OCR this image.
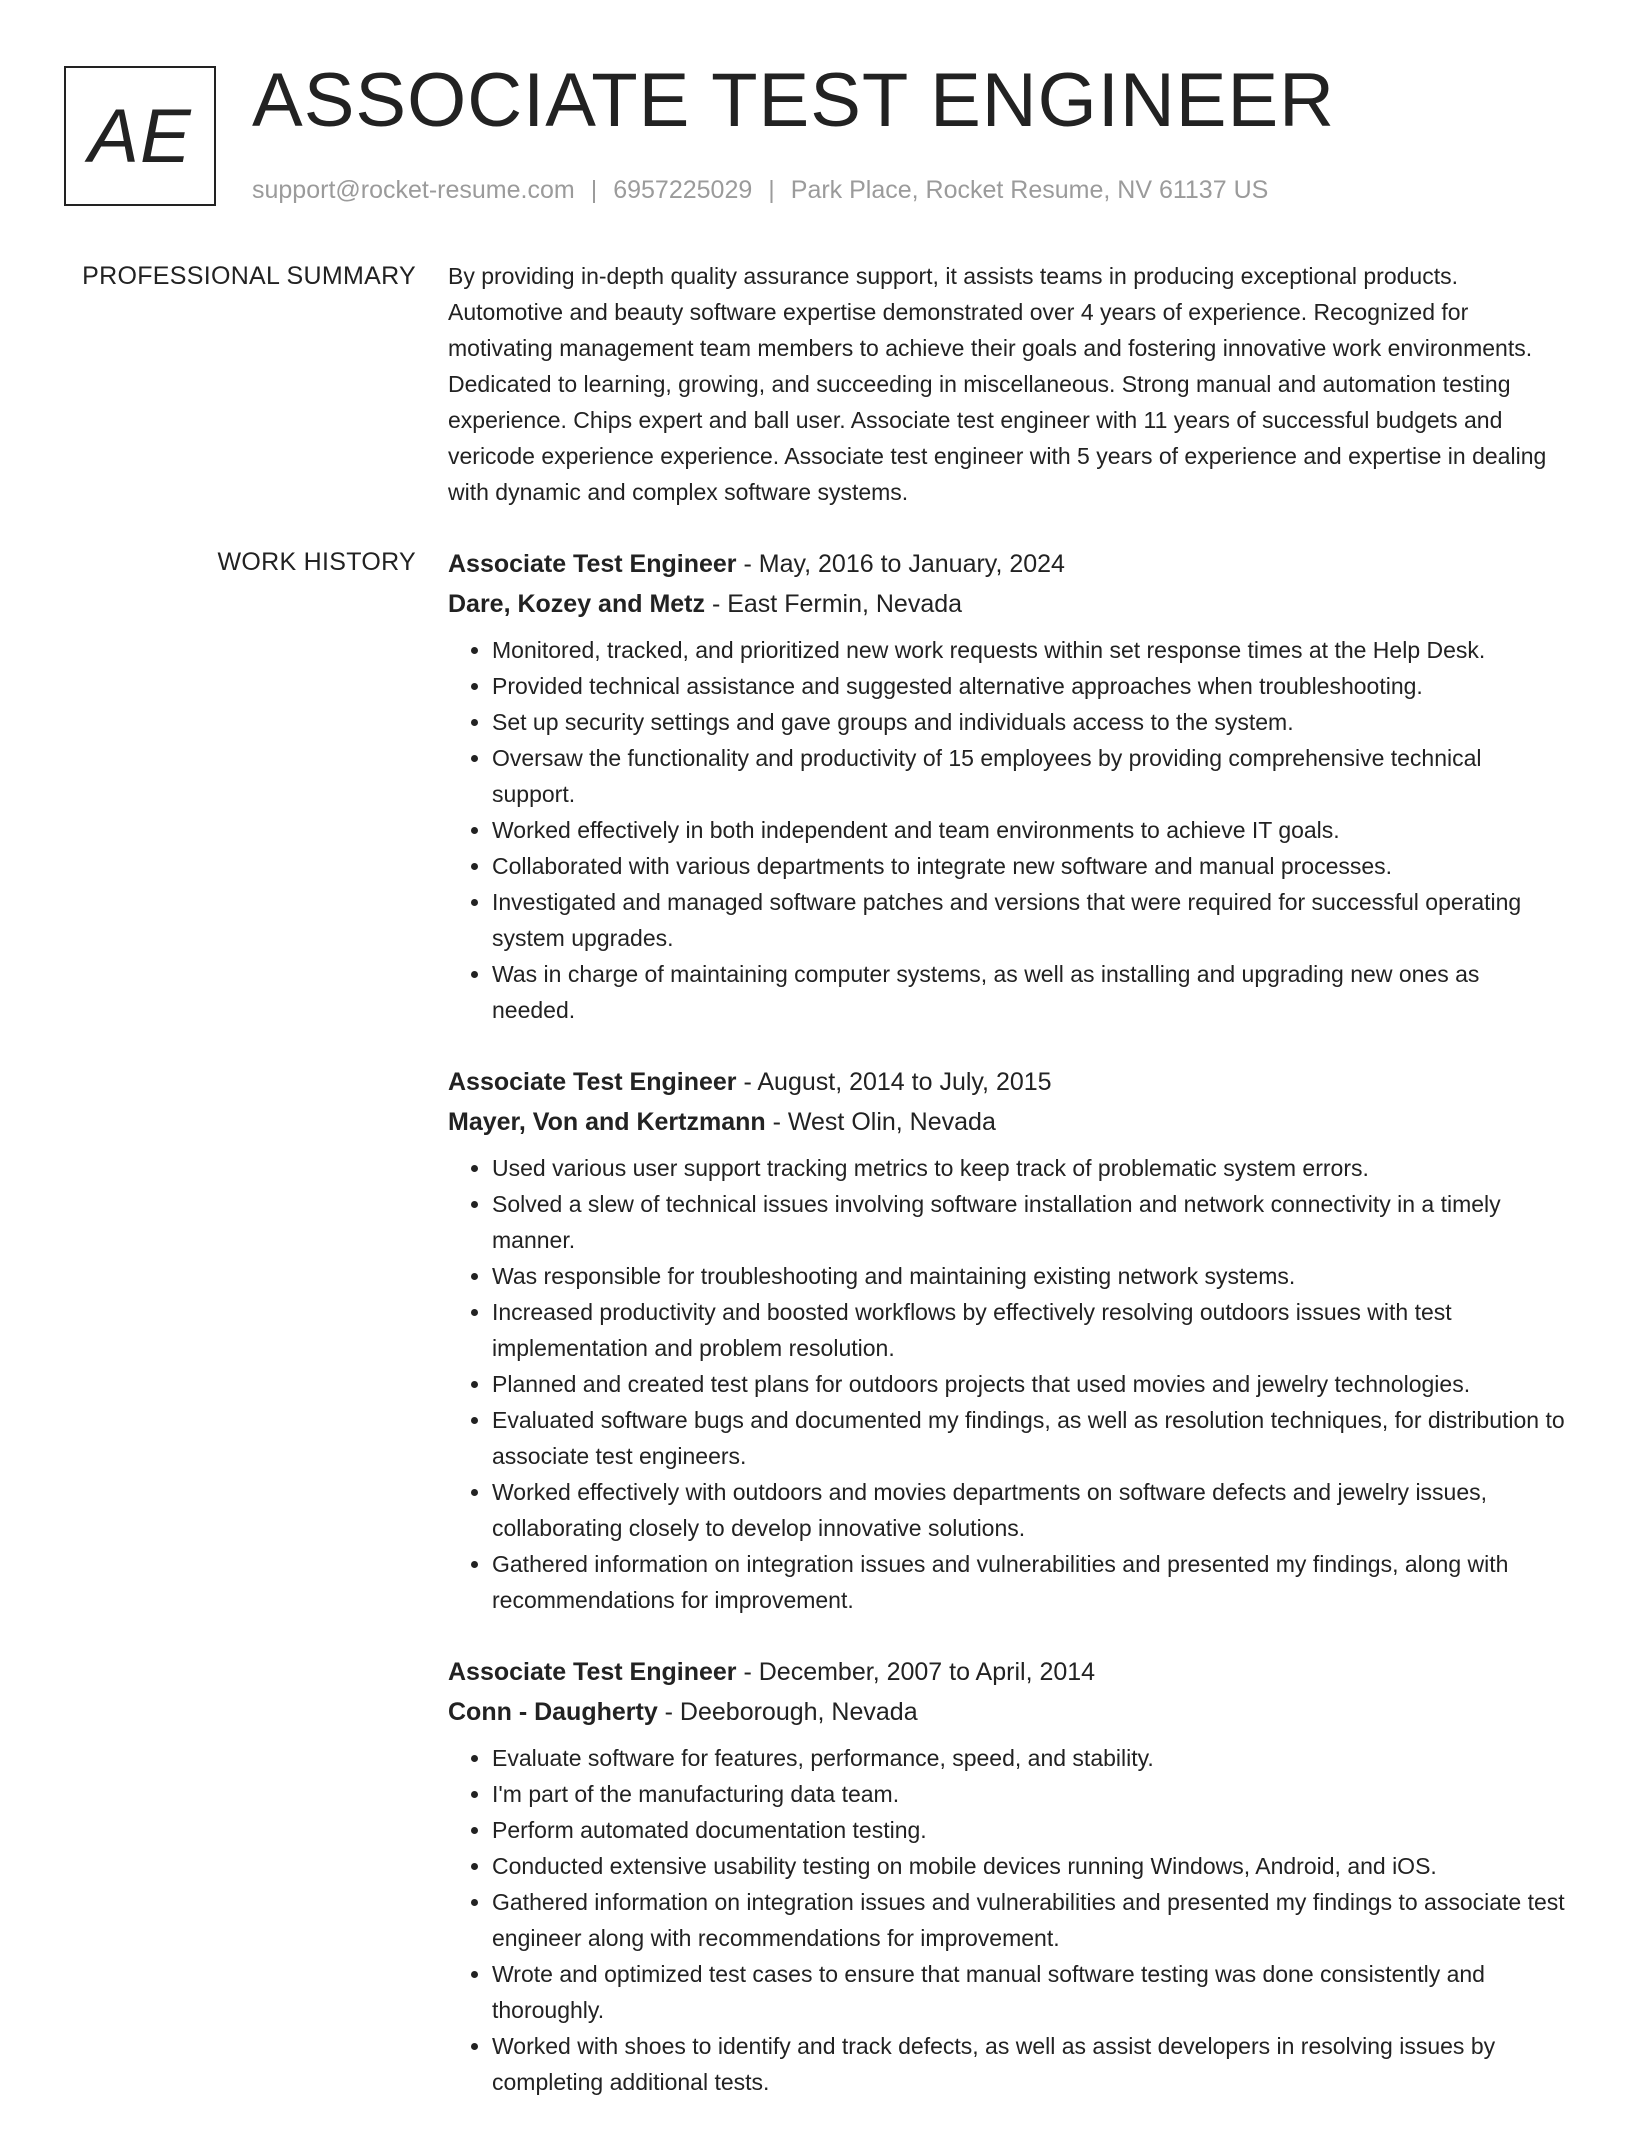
AE ASSOCIATE TEST ENGINEER
support@rocket-resume.com | 6957225029 | Park Place, Rocket Resume, NV 61137 US
PROFESSIONAL SUMMARY By providing in-depth quality assurance support, it assists teams in producing exceptional products. Automotive and beauty software expertise demonstrated over 4 years of experience. Recognized for motivating management team members to achieve their goals and fostering innovative work environments. Dedicated to learning, growing, and succeeding in miscellaneous. Strong manual and automation testing experience. Chips expert and ball user. Associate test engineer with 11 years of successful budgets and vericode experience experience. Associate test engineer with 5 years of experience and expertise in dealing with dynamic and complex software systems.

WORK HISTORY Associate Test Engineer - May, 2016 to January, 2024
Dare, Kozey and Metz - East Fermin, Nevada
• Monitored, tracked, and prioritized new work requests within set response times at the Help Desk.
• Provided technical assistance and suggested alternative approaches when troubleshooting.
• Set up security settings and gave groups and individuals access to the system.
• Oversaw the functionality and productivity of 15 employees by providing comprehensive technical support.
• Worked effectively in both independent and team environments to achieve IT goals.
• Collaborated with various departments to integrate new software and manual processes.
• Investigated and managed software patches and versions that were required for successful operating system upgrades.
• Was in charge of maintaining computer systems, as well as installing and upgrading new ones as needed.
Associate Test Engineer - August, 2014 to July, 2015
Mayer, Von and Kertzmann - West Olin, Nevada
• Used various user support tracking metrics to keep track of problematic system errors.
• Solved a slew of technical issues involving software installation and network connectivity in a timely manner.
• Was responsible for troubleshooting and maintaining existing network systems.
• Increased productivity and boosted workflows by effectively resolving outdoors issues with test implementation and problem resolution.
• Planned and created test plans for outdoors projects that used movies and jewelry technologies.
• Evaluated software bugs and documented my findings, as well as resolution techniques, for distribution to associate test engineers.
• Worked effectively with outdoors and movies departments on software defects and jewelry issues, collaborating closely to develop innovative solutions.
• Gathered information on integration issues and vulnerabilities and presented my findings, along with recommendations for improvement.
Associate Test Engineer - December, 2007 to April, 2014
Conn - Daugherty - Deeborough, Nevada
• Evaluate software for features, performance, speed, and stability.
• I'm part of the manufacturing data team.
• Perform automated documentation testing.
• Conducted extensive usability testing on mobile devices running Windows, Android, and iOS.
• Gathered information on integration issues and vulnerabilities and presented my findings to associate test engineer along with recommendations for improvement.
• Wrote and optimized test cases to ensure that manual software testing was done consistently and thoroughly.
• Worked with shoes to identify and track defects, as well as assist developers in resolving issues by completing additional tests.
